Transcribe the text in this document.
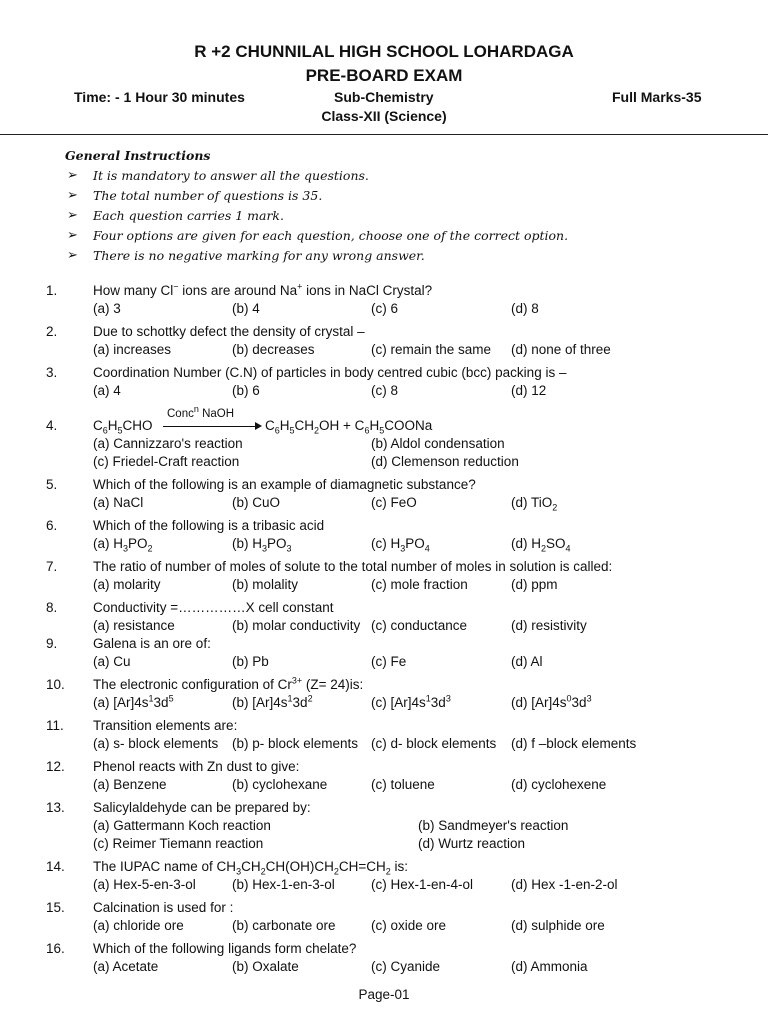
R +2 CHUNNILAL HIGH SCHOOL LOHARDAGA
PRE-BOARD EXAM
Time: - 1 Hour 30 minutes	Sub-Chemistry	Full Marks-35
Class-XII (Science)
General Instructions
➢ It is mandatory to answer all the questions.
➢ The total number of questions is 35.
➢ Each question carries 1 mark.
➢ Four options are given for each question, choose one of the correct option.
➢ There is no negative marking for any wrong answer.
1.	How many Cl− ions are around Na+ ions in NaCl Crystal?
(a) 3	(b) 4	(c) 6	(d) 8
2.	Due to schottky defect the density of crystal –
(a) increases	(b) decreases	(c) remain the same (d) none of three
3.	Coordination Number (C.N) of particles in body centred cubic (bcc) packing is –
(a) 4	(b) 6	(c) 8	(d) 12
4.	$C_6H_5CHO$
Conc$^n$ NaOH
$C_6H_5CH_2OH$ + $C_6H_5COONa$
(a) Cannizzaro's reaction	(b) Aldol condensation
(c) Friedel-Craft reaction	(d) Clemenson reduction
5.	Which of the following is an example of diamagnetic substance?
(a) NaCl	(b) CuO	(c) FeO	(d) TiO$_2$
6.	Which of the following is a tribasic acid
(a) $H_3PO_2$	(b) $H_3PO_3$	(c) $H_3PO_4$	(d) $H_2SO_4$
7.	The ratio of number of moles of solute to the total number of moles in solution is called:
(a) molarity	(b) molality	(c) mole fraction	(d) ppm
8.	Conductivity =……………X cell constant
(a) resistance	(b) molar conductivity (c) conductance	(d) resistivity
9.	Galena is an ore of:
(a) Cu	(b) Pb	(c) Fe	(d) Al
10. The electronic configuration of $Cr^{3+}$ (Z= 24)is:
(a) $[Ar]4s^13d^5$	(b) $[Ar]4s^13d^2$	(c) $[Ar]4s^13d^3$	(d) $[Ar]4s^03d^3$
11. Transition elements are:
(a) s- block elements (b) p- block elements (c) d- block elements (d) f –block elements
12. Phenol reacts with Zn dust to give:
(a) Benzene	(b) cyclohexane	(c) toluene	(d) cyclohexene
13. Salicylaldehyde can be prepared by:
(a) Gattermann Koch reaction	(b) Sandmeyer's reaction
(c) Reimer Tiemann reaction	(d) Wurtz reaction
14. The IUPAC name of $CH_3CH_2CH(OH)CH_2CH=CH_2$ is:
(a) Hex-5-en-3-ol	(b) Hex-1-en-3-ol	(c) Hex-1-en-4-ol	(d) Hex -1-en-2-ol
15. Calcination is used for :
(a) chloride ore	(b) carbonate ore	(c) oxide ore	(d) sulphide ore
16. Which of the following ligands form chelate?
(a) Acetate	(b) Oxalate	(c) Cyanide	(d) Ammonia
Page-01
